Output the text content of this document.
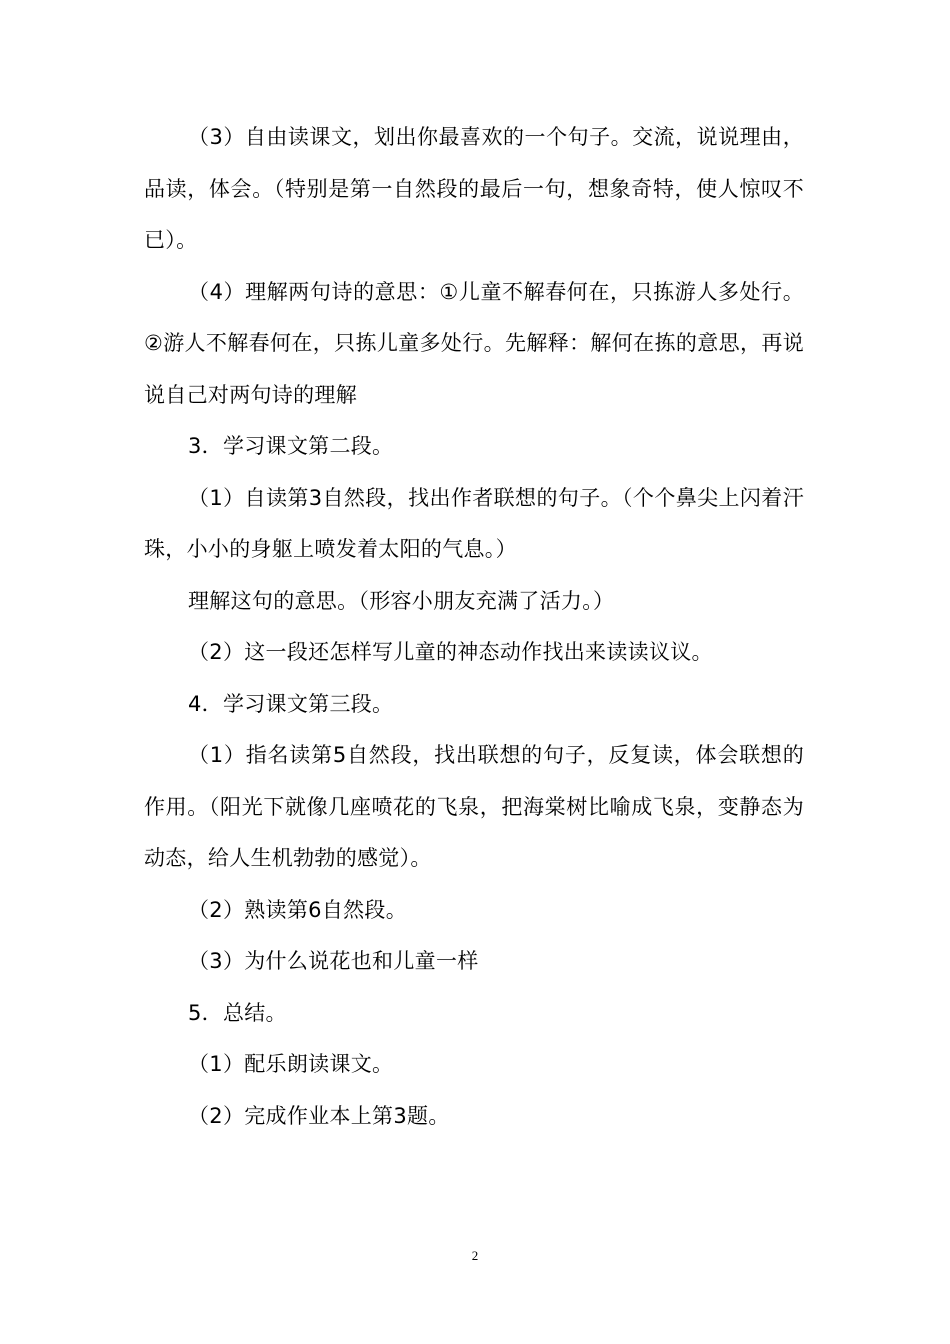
（3）自由读课文，划出你最喜欢的一个句子。交流，说说理由，品读，体会。（特别是第一自然段的最后一句，想象奇特，使人惊叹不已）。

（4）理解两句诗的意思：①儿童不解春何在，只拣游人多处行。②游人不解春何在，只拣儿童多处行。先解释：解何在拣的意思，再说说自己对两句诗的理解

3．学习课文第二段。

（1）自读第3自然段，找出作者联想的句子。（个个鼻尖上闪着汗珠，小小的身躯上喷发着太阳的气息。）

理解这句的意思。（形容小朋友充满了活力。）

（2）这一段还怎样写儿童的神态动作找出来读读议议。

4．学习课文第三段。

（1）指名读第5自然段，找出联想的句子，反复读，体会联想的作用。（阳光下就像几座喷花的飞泉，把海棠树比喻成飞泉，变静态为动态，给人生机勃勃的感觉）。

（2）熟读第6自然段。

（3）为什么说花也和儿童一样

5．总结。

（1）配乐朗读课文。

（2）完成作业本上第3题。

2
